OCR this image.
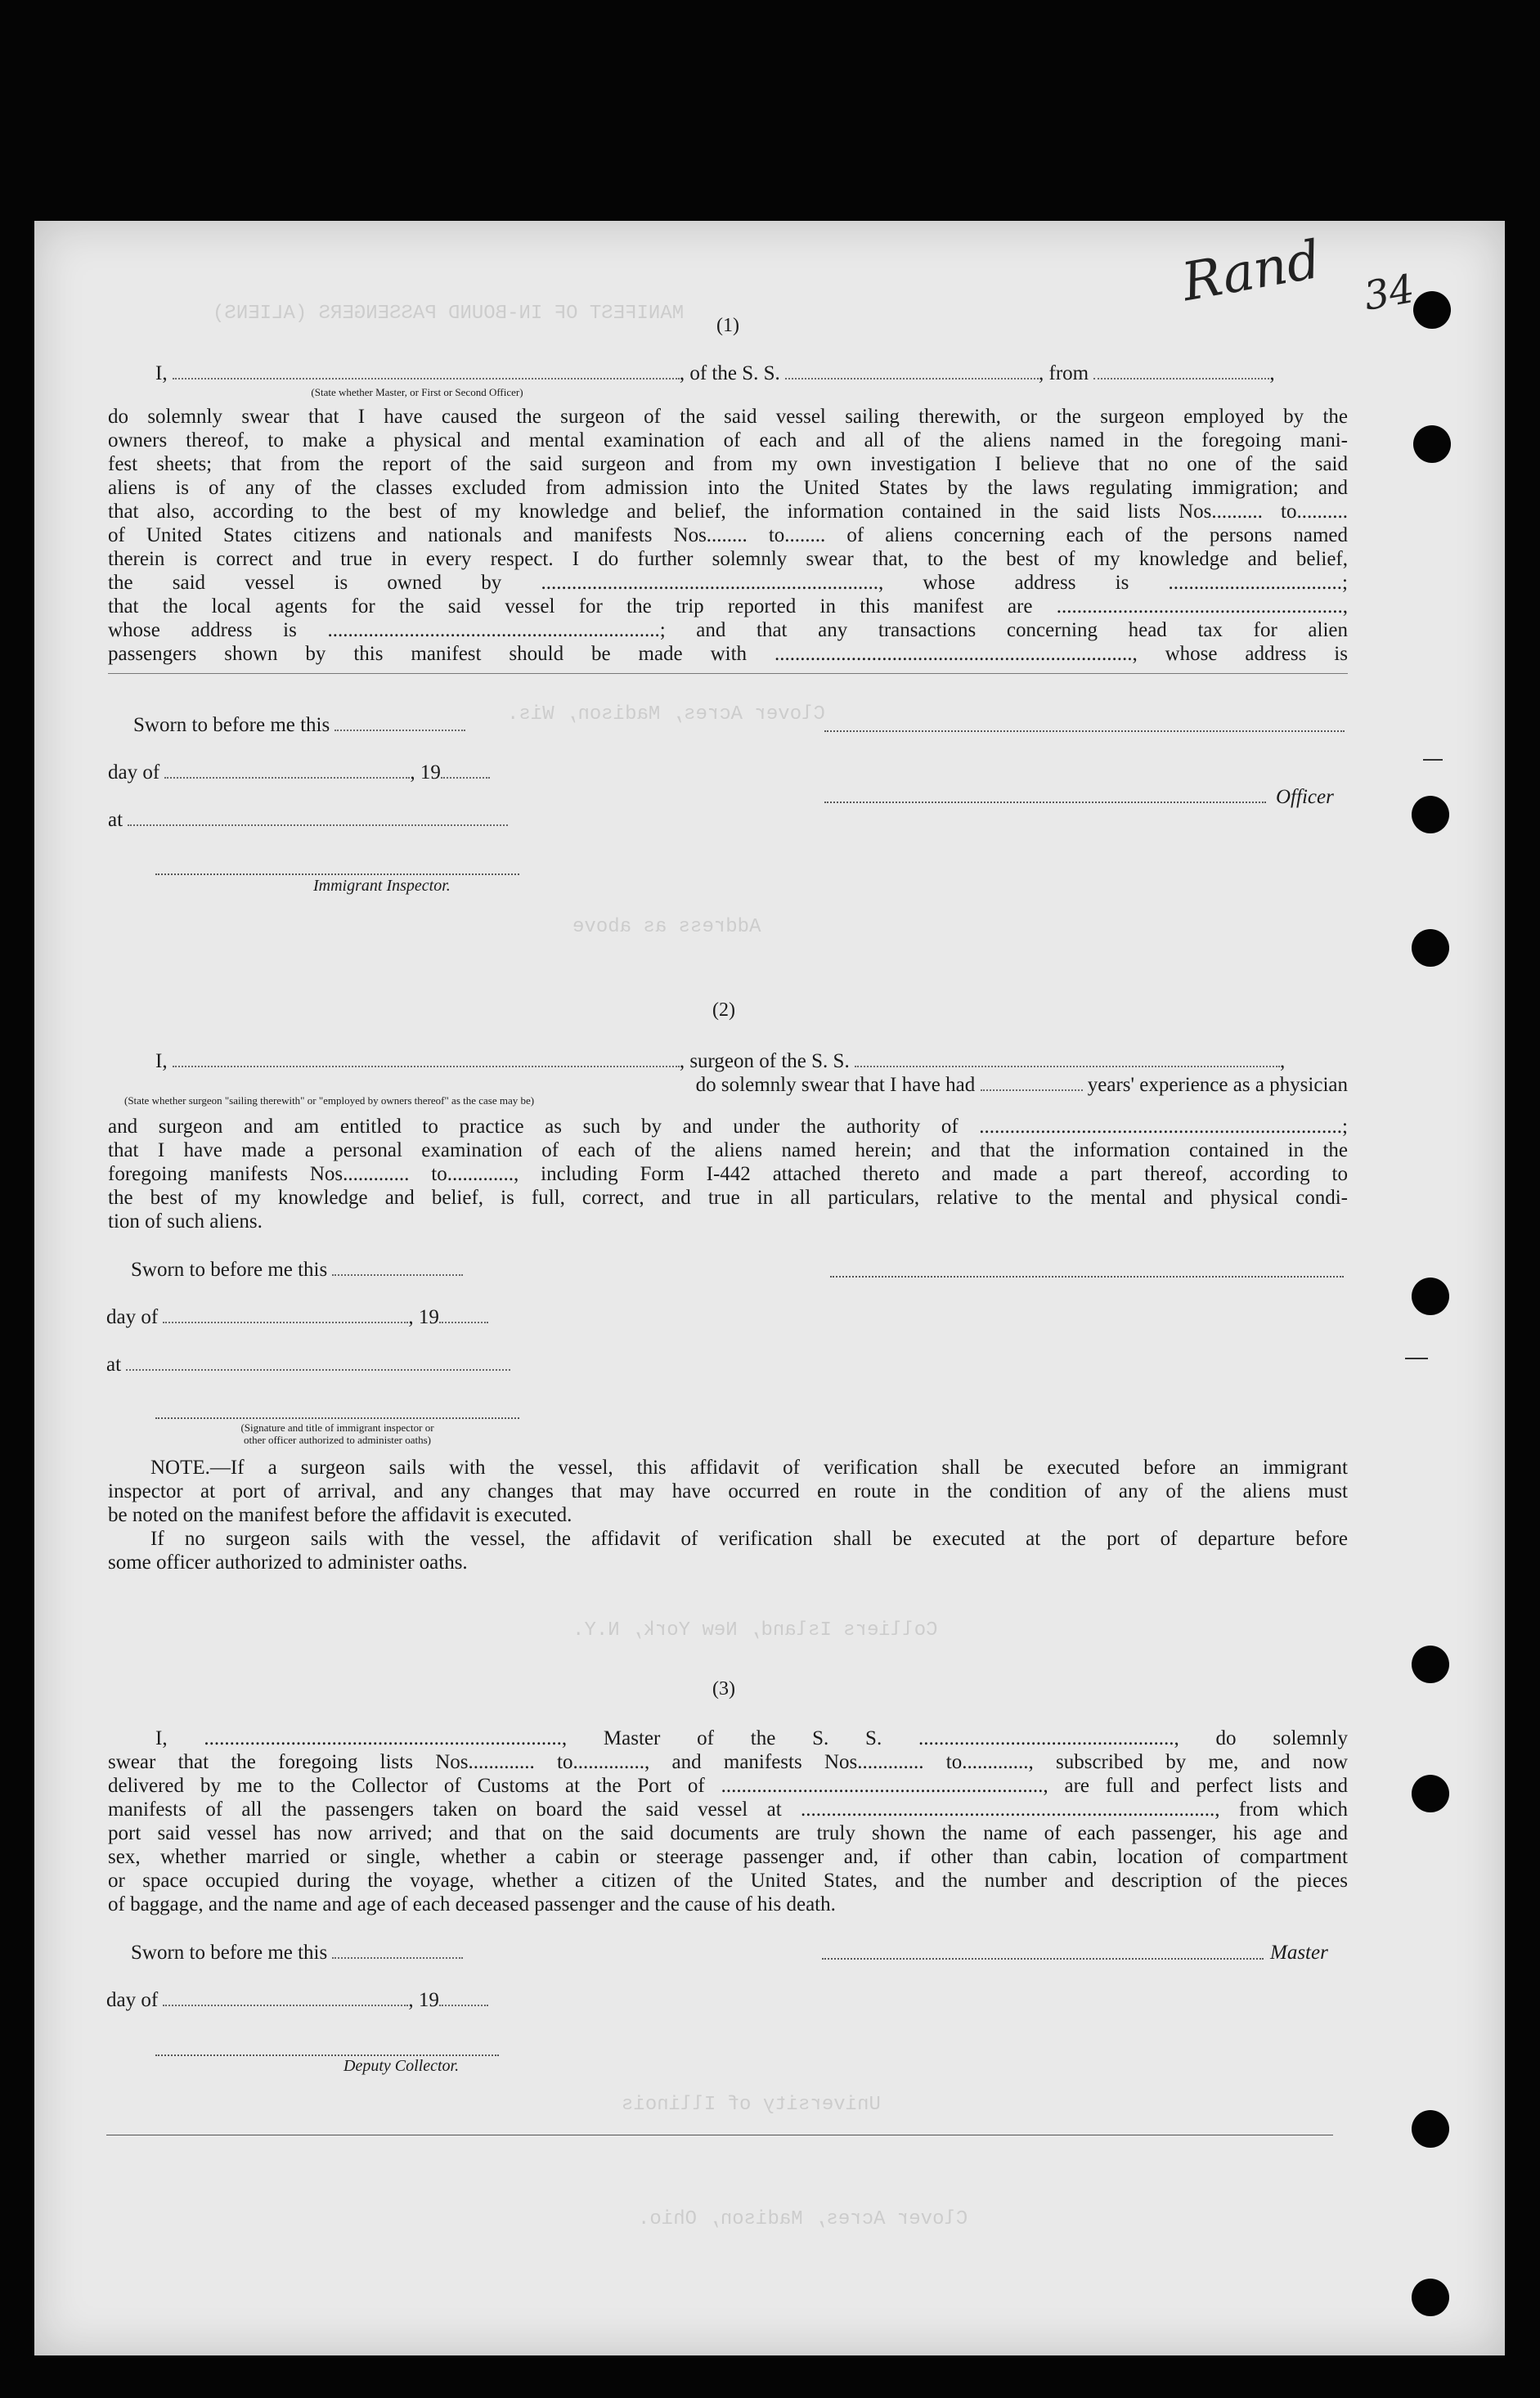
MANIFEST OF IN-BOUND PASSENGERS (ALIENS)
Clover Acres, Madison, Wis.
Address as above
Colliers Island, New York, N.Y.
University of Illinois
Clover Acres, Madison, Ohio.
Rand 34
(1)
I,	, of the S. S.	, from	,
(State whether Master, or First or Second Officer)
do solemnly swear that I have caused the surgeon of the said vessel sailing therewith, or the surgeon employed by the
owners thereof, to make a physical and mental examination of each and all of the aliens named in the foregoing mani-
fest sheets; that from the report of the said surgeon and from my own investigation I believe that no one of the said
aliens is of any of the classes excluded from admission into the United States by the laws regulating immigration; and
that also, according to the best of my knowledge and belief, the information contained in the said lists Nos.......... to..........
of United States citizens and nationals and manifests Nos........ to........ of aliens concerning each of the persons named
therein is correct and true in every respect. I do further solemnly swear that, to the best of my knowledge and belief,
the said vessel is owned by .................................................................., whose address is ..................................;
that the local agents for the said vessel for the trip reported in this manifest are ........................................................,
whose address is .................................................................; and that any transactions concerning head tax for alien
passengers shown by this manifest should be made with ......................................................................, whose address is
Sworn to before me this
day of	, 19
at
Immigrant Inspector.
Officer
(2)
I,	, surgeon of the S. S.	,
do solemnly swear that I have had	years' experience as a physician
(State whether surgeon "sailing therewith" or "employed by owners thereof" as the case may be)
and surgeon and am entitled to practice as such by and under the authority of .......................................................................;
that I have made a personal examination of each of the aliens named herein; and that the information contained in the
foregoing manifests Nos............. to............., including Form I-442 attached thereto and made a part thereof, according to
the best of my knowledge and belief, is full, correct, and true in all particulars, relative to the mental and physical condi-
tion of such aliens.
Sworn to before me this
day of	, 19
at
(Signature and title of immigrant inspector or
other officer authorized to administer oaths)
NOTE.—If a surgeon sails with the vessel, this affidavit of verification shall be executed before an immigrant
inspector at port of arrival, and any changes that may have occurred en route in the condition of any of the aliens must
be noted on the manifest before the affidavit is executed.
If no surgeon sails with the vessel, the affidavit of verification shall be executed at the port of departure before
some officer authorized to administer oaths.
(3)
I, ......................................................................, Master of the S. S. .................................................., do solemnly
swear that the foregoing lists Nos............. to.............., and manifests Nos............. to............., subscribed by me, and now
delivered by me to the Collector of Customs at the Port of ..............................................................., are full and perfect lists and
manifests of all the passengers taken on board the said vessel at ................................................................................., from which
port said vessel has now arrived; and that on the said documents are truly shown the name of each passenger, his age and
sex, whether married or single, whether a cabin or steerage passenger and, if other than cabin, location of compartment
or space occupied during the voyage, whether a citizen of the United States, and the number and description of the pieces
of baggage, and the name and age of each deceased passenger and the cause of his death.
Sworn to before me this	Master
day of	, 19
Deputy Collector.
